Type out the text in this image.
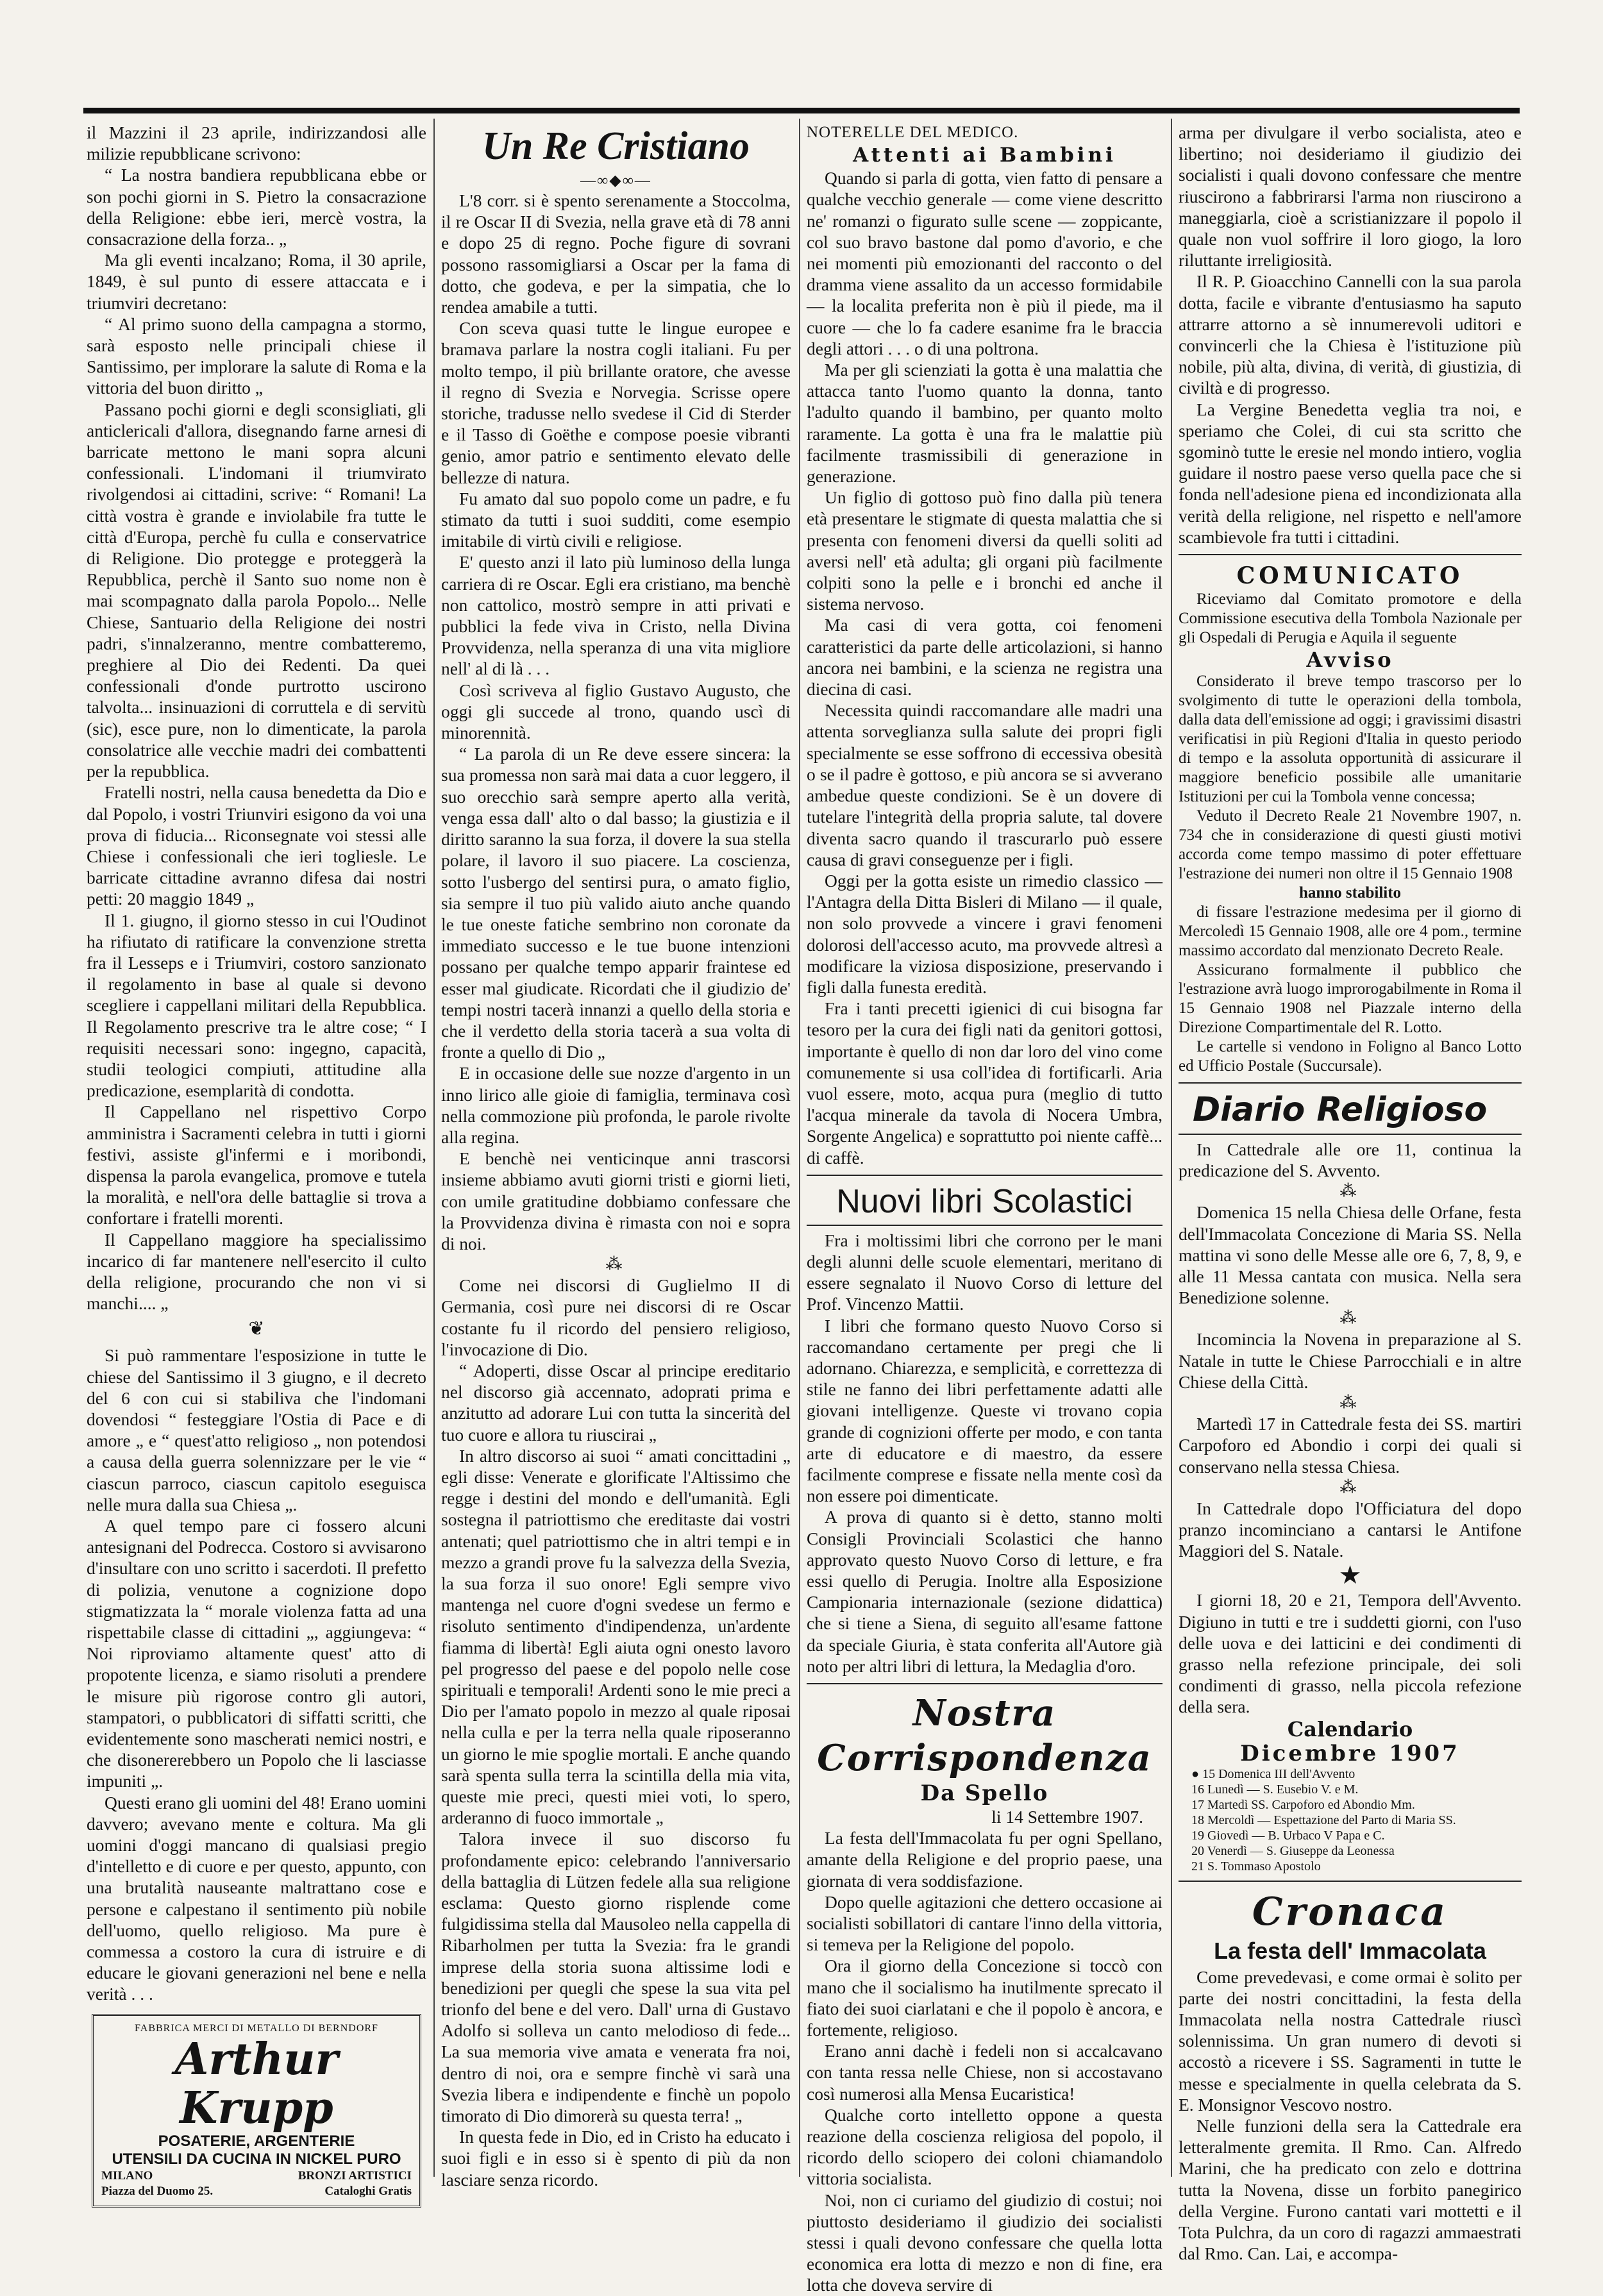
il Mazzini il 23 aprile, indirizzandosi alle milizie repubblicane scrivono:

“ La nostra bandiera repubblicana ebbe or son pochi giorni in S. Pietro la consacrazione della Religione: ebbe ieri, mercè vostra, la consacrazione della forza.. „

Ma gli eventi incalzano; Roma, il 30 aprile, 1849, è sul punto di essere attaccata e i triumviri decretano:

“ Al primo suono della campagna a stormo, sarà esposto nelle principali chiese il Santissimo, per implorare la salute di Roma e la vittoria del buon diritto „

Passano pochi giorni e degli sconsigliati, gli anticlericali d'allora, disegnando farne arnesi di barricate mettono le mani sopra alcuni confessionali. L'indomani il triumvirato rivolgendosi ai cittadini, scrive: “ Romani! La città vostra è grande e inviolabile fra tutte le città d'Europa, perchè fu culla e conservatrice di Religione. Dio protegge e proteggerà la Repubblica, perchè il Santo suo nome non è mai scompagnato dalla parola Popolo... Nelle Chiese, Santuario della Religione dei nostri padri, s'innalzeranno, mentre combatteremo, preghiere al Dio dei Redenti. Da quei confessionali d'onde purtrotto uscirono talvolta... insinuazioni di corruttela e di servitù (sic), esce pure, non lo dimenticate, la parola consolatrice alle vecchie madri dei combattenti per la repubblica.

Fratelli nostri, nella causa benedetta da Dio e dal Popolo, i vostri Triunviri esigono da voi una prova di fiducia... Riconsegnate voi stessi alle Chiese i confessionali che ieri togliesle. Le barricate cittadine avranno difesa dai nostri petti: 20 maggio 1849 „

Il 1. giugno, il giorno stesso in cui l'Oudinot ha rifiutato di ratificare la convenzione stretta fra il Lesseps e i Triumviri, costoro sanzionato il regolamento in base al quale si devono scegliere i cappellani militari della Repubblica. Il Regolamento prescrive tra le altre cose; “ I requisiti necessari sono: ingegno, capacità, studii teologici compiuti, attitudine alla predicazione, esemplarità di condotta.

Il Cappellano nel rispettivo Corpo amministra i Sacramenti celebra in tutti i giorni festivi, assiste gl'infermi e i moribondi, dispensa la parola evangelica, promove e tutela la moralità, e nell'ora delle battaglie si trova a confortare i fratelli morenti.

Il Cappellano maggiore ha specialissimo incarico di far mantenere nell'esercito il culto della religione, procurando che non vi si manchi.... „

❦

Si può rammentare l'esposizione in tutte le chiese del Santissimo il 3 giugno, e il decreto del 6 con cui si stabiliva che l'indomani dovendosi “ festeggiare l'Ostia di Pace e di amore „ e “ quest'atto religioso „ non potendosi a causa della guerra solennizzare per le vie “ ciascun parroco, ciascun capitolo eseguisca nelle mura dalla sua Chiesa „.

A quel tempo pare ci fossero alcuni antesignani del Podrecca. Costoro si avvisarono d'insultare con uno scritto i sacerdoti. Il prefetto di polizia, venutone a cognizione dopo stigmatizzata la “ morale violenza fatta ad una rispettabile classe di cittadini „, aggiungeva: “ Noi riproviamo altamente quest' atto di propotente licenza, e siamo risoluti a prendere le misure più rigorose contro gli autori, stampatori, o pubblicatori di siffatti scritti, che evidentemente sono mascherati nemici nostri, e che disonererebbero un Popolo che li lasciasse impuniti „.

Questi erano gli uomini del 48! Erano uomini davvero; avevano mente e coltura. Ma gli uomini d'oggi mancano di qualsiasi pregio d'intelletto e di cuore e per questo, appunto, con una brutalità nauseante maltrattano cose e persone e calpestano il sentimento più nobile dell'uomo, quello religioso. Ma pure è commessa a costoro la cura di istruire e di educare le giovani generazioni nel bene e nella verità . . .

FABBRICA MERCI DI METALLO DI BERNDORF
Arthur Krupp
POSATERIE, ARGENTERIE
UTENSILI DA CUCINA IN NICKEL PURO
MILANO	BRONZI ARTISTICI
Piazza del Duomo 25.	Cataloghi Gratis
Un Re Cristiano
—∞◆∞—

L'8 corr. si è spento serenamente a Stoccolma, il re Oscar II di Svezia, nella grave età di 78 anni e dopo 25 di regno. Poche figure di sovrani possono rassomigliarsi a Oscar per la fama di dotto, che godeva, e per la simpatia, che lo rendea amabile a tutti.

Con sceva quasi tutte le lingue europee e bramava parlare la nostra cogli italiani. Fu per molto tempo, il più brillante oratore, che avesse il regno di Svezia e Norvegia. Scrisse opere storiche, tradusse nello svedese il Cid di Sterder e il Tasso di Goëthe e compose poesie vibranti genio, amor patrio e sentimento elevato delle bellezze di natura.

Fu amato dal suo popolo come un padre, e fu stimato da tutti i suoi sudditi, come esempio imitabile di virtù civili e religiose.

E' questo anzi il lato più luminoso della lunga carriera di re Oscar. Egli era cristiano, ma benchè non cattolico, mostrò sempre in atti privati e pubblici la fede viva in Cristo, nella Divina Provvidenza, nella speranza di una vita migliore nell' al di là . . .

Così scriveva al figlio Gustavo Augusto, che oggi gli succede al trono, quando uscì di minorennità.

“ La parola di un Re deve essere sincera: la sua promessa non sarà mai data a cuor leggero, il suo orecchio sarà sempre aperto alla verità, venga essa dall' alto o dal basso; la giustizia e il diritto saranno la sua forza, il dovere la sua stella polare, il lavoro il suo piacere. La coscienza, sotto l'usbergo del sentirsi pura, o amato figlio, sia sempre il tuo più valido aiuto anche quando le tue oneste fatiche sembrino non coronate da immediato successo e le tue buone intenzioni possano per qualche tempo apparir fraintese ed esser mal giudicate. Ricordati che il giudizio de' tempi nostri tacerà innanzi a quello della storia e che il verdetto della storia tacerà a sua volta di fronte a quello di Dio „

E in occasione delle sue nozze d'argento in un inno lirico alle gioie di famiglia, terminava così nella commozione più profonda, le parole rivolte alla regina.

E benchè nei venticinque anni trascorsi insieme abbiamo avuti giorni tristi e giorni lieti, con umile gratitudine dobbiamo confessare che la Provvidenza divina è rimasta con noi e sopra di noi.

⁂

Come nei discorsi di Guglielmo II di Germania, così pure nei discorsi di re Oscar costante fu il ricordo del pensiero religioso, l'invocazione di Dio.

“ Adoperti, disse Oscar al principe ereditario nel discorso già accennato, adoprati prima e anzitutto ad adorare Lui con tutta la sincerità del tuo cuore e allora tu riuscirai „

In altro discorso ai suoi “ amati concittadini „ egli disse: Venerate e glorificate l'Altissimo che regge i destini del mondo e dell'umanità. Egli sostegna il patriottismo che ereditaste dai vostri antenati; quel patriottismo che in altri tempi e in mezzo a grandi prove fu la salvezza della Svezia, la sua forza il suo onore! Egli sempre vivo mantenga nel cuore d'ogni svedese un fermo e risoluto sentimento d'indipendenza, un'ardente fiamma di libertà! Egli aiuta ogni onesto lavoro pel progresso del paese e del popolo nelle cose spirituali e temporali! Ardenti sono le mie preci a Dio per l'amato popolo in mezzo al quale riposai nella culla e per la terra nella quale riposeranno un giorno le mie spoglie mortali. E anche quando sarà spenta sulla terra la scintilla della mia vita, queste mie preci, questi miei voti, lo spero, arderanno di fuoco immortale „

Talora invece il suo discorso fu profondamente epico: celebrando l'anniversario della battaglia di Lützen fedele alla sua religione esclama: Questo giorno risplende come fulgidissima stella dal Mausoleo nella cappella di Ribarholmen per tutta la Svezia: fra le grandi imprese della storia suona altissime lodi e benedizioni per quegli che spese la sua vita pel trionfo del bene e del vero. Dall' urna di Gustavo Adolfo si solleva un canto melodioso di fede... La sua memoria vive amata e venerata fra noi, dentro di noi, ora e sempre finchè vi sarà una Svezia libera e indipendente e finchè un popolo timorato di Dio dimorerà su questa terra! „

In questa fede in Dio, ed in Cristo ha educato i suoi figli e in esso si è spento di più da non lasciare senza ricordo.

NOTERELLE DEL MEDICO.
Attenti ai Bambini

Quando si parla di gotta, vien fatto di pensare a qualche vecchio generale — come viene descritto ne' romanzi o figurato sulle scene — zoppicante, col suo bravo bastone dal pomo d'avorio, e che nei momenti più emozionanti del racconto o del dramma viene assalito da un accesso formidabile — la localita preferita non è più il piede, ma il cuore — che lo fa cadere esanime fra le braccia degli attori . . . o di una poltrona.

Ma per gli scienziati la gotta è una malattia che attacca tanto l'uomo quanto la donna, tanto l'adulto quando il bambino, per quanto molto raramente. La gotta è una fra le malattie più facilmente trasmissibili di generazione in generazione.

Un figlio di gottoso può fino dalla più tenera età presentare le stigmate di questa malattia che si presenta con fenomeni diversi da quelli soliti ad aversi nell' età adulta; gli organi più facilmente colpiti sono la pelle e i bronchi ed anche il sistema nervoso.

Ma casi di vera gotta, coi fenomeni caratteristici da parte delle articolazioni, si hanno ancora nei bambini, e la scienza ne registra una diecina di casi.

Necessita quindi raccomandare alle madri una attenta sorveglianza sulla salute dei propri figli specialmente se esse soffrono di eccessiva obesità o se il padre è gottoso, e più ancora se si avverano ambedue queste condizioni. Se è un dovere di tutelare l'integrità della propria salute, tal dovere diventa sacro quando il trascurarlo può essere causa di gravi conseguenze per i figli.

Oggi per la gotta esiste un rimedio classico — l'Antagra della Ditta Bisleri di Milano — il quale, non solo provvede a vincere i gravi fenomeni dolorosi dell'accesso acuto, ma provvede altresì a modificare la viziosa disposizione, preservando i figli dalla funesta eredità.

Fra i tanti precetti igienici di cui bisogna far tesoro per la cura dei figli nati da genitori gottosi, importante è quello di non dar loro del vino come comunemente si usa coll'idea di fortificarli. Aria vuol essere, moto, acqua pura (meglio di tutto l'acqua minerale da tavola di Nocera Umbra, Sorgente Angelica) e soprattutto poi niente caffè... di caffè.

Nuovi libri Scolastici

Fra i moltissimi libri che corrono per le mani degli alunni delle scuole elementari, meritano di essere segnalato il Nuovo Corso di letture del Prof. Vincenzo Mattii.

I libri che formano questo Nuovo Corso si raccomandano certamente per pregi che li adornano. Chiarezza, e semplicità, e correttezza di stile ne fanno dei libri perfettamente adatti alle giovani intelligenze. Queste vi trovano copia grande di cognizioni offerte per modo, e con tanta arte di educatore e di maestro, da essere facilmente comprese e fissate nella mente così da non essere poi dimenticate.

A prova di quanto si è detto, stanno molti Consigli Provinciali Scolastici che hanno approvato questo Nuovo Corso di letture, e fra essi quello di Perugia. Inoltre alla Esposizione Campionaria internazionale (sezione didattica) che si tiene a Siena, di seguito all'esame fattone da speciale Giuria, è stata conferita all'Autore già noto per altri libri di lettura, la Medaglia d'oro.

Nostra Corrispondenza
Da Spello
li 14 Settembre 1907.

La festa dell'Immacolata fu per ogni Spellano, amante della Religione e del proprio paese, una giornata di vera soddisfazione.

Dopo quelle agitazioni che dettero occasione ai socialisti sobillatori di cantare l'inno della vittoria, si temeva per la Religione del popolo.

Ora il giorno della Concezione si toccò con mano che il socialismo ha inutilmente sprecato il fiato dei suoi ciarlatani e che il popolo è ancora, e fortemente, religioso.

Erano anni dachè i fedeli non si accalcavano con tanta ressa nelle Chiese, non si accostavano così numerosi alla Mensa Eucaristica!

Qualche corto intelletto oppone a questa reazione della coscienza religiosa del popolo, il ricordo dello sciopero dei coloni chiamandolo vittoria socialista.

Noi, non ci curiamo del giudizio di costui; noi piuttosto desideriamo il giudizio dei socialisti stessi i quali devono confessare che quella lotta economica era lotta di mezzo e non di fine, era lotta che doveva servire di

arma per divulgare il verbo socialista, ateo e libertino; noi desideriamo il giudizio dei socialisti i quali dovono confessare che mentre riuscirono a fabbrirarsi l'arma non riuscirono a maneggiarla, cioè a scristianizzare il popolo il quale non vuol soffrire il loro giogo, la loro riluttante irreligiosità.

Il R. P. Gioacchino Cannelli con la sua parola dotta, facile e vibrante d'entusiasmo ha saputo attrarre attorno a sè innumerevoli uditori e convincerli che la Chiesa è l'istituzione più nobile, più alta, divina, di verità, di giustizia, di civiltà e di progresso.

La Vergine Benedetta veglia tra noi, e speriamo che Colei, di cui sta scritto che sgominò tutte le eresie nel mondo intiero, voglia guidare il nostro paese verso quella pace che si fonda nell'adesione piena ed incondizionata alla verità della religione, nel rispetto e nell'amore scambievole fra tutti i cittadini.

COMUNICATO

Riceviamo dal Comitato promotore e della Commissione esecutiva della Tombola Nazionale per gli Ospedali di Perugia e Aquila il seguente

Avviso

Considerato il breve tempo trascorso per lo svolgimento di tutte le operazioni della tombola, dalla data dell'emissione ad oggi; i gravissimi disastri verificatisi in più Regioni d'Italia in questo periodo di tempo e la assoluta opportunità di assicurare il maggiore beneficio possibile alle umanitarie Istituzioni per cui la Tombola venne concessa;

Veduto il Decreto Reale 21 Novembre 1907, n. 734 che in considerazione di questi giusti motivi accorda come tempo massimo di poter effettuare l'estrazione dei numeri non oltre il 15 Gennaio 1908

hanno stabilito

di fissare l'estrazione medesima per il giorno di Mercoledì 15 Gennaio 1908, alle ore 4 pom., termine massimo accordato dal menzionato Decreto Reale.

Assicurano formalmente il pubblico che l'estrazione avrà luogo improrogabilmente in Roma il 15 Gennaio 1908 nel Piazzale interno della Direzione Compartimentale del R. Lotto.

Le cartelle si vendono in Foligno al Banco Lotto ed Ufficio Postale (Succursale).

Diario Religioso

In Cattedrale alle ore 11, continua la predicazione del S. Avvento.

⁂

Domenica 15 nella Chiesa delle Orfane, festa dell'Immacolata Concezione di Maria SS. Nella mattina vi sono delle Messe alle ore 6, 7, 8, 9, e alle 11 Messa cantata con musica. Nella sera Benedizione solenne.

⁂

Incomincia la Novena in preparazione al S. Natale in tutte le Chiese Parrocchiali e in altre Chiese della Città.

⁂

Martedì 17 in Cattedrale festa dei SS. martiri Carpoforo ed Abondio i corpi dei quali si conservano nella stessa Chiesa.

⁂

In Cattedrale dopo l'Officiatura del dopo pranzo incominciano a cantarsi le Antifone Maggiori del S. Natale.

★

I giorni 18, 20 e 21, Tempora dell'Avvento. Digiuno in tutti e tre i suddetti giorni, con l'uso delle uova e dei latticini e dei condimenti di grasso nella refezione principale, dei soli condimenti di grasso, nella piccola refezione della sera.

Calendario
Dicembre 1907
● 15 Domenica III dell'Avvento
16 Lunedì — S. Eusebio V. e M.
17 Martedì SS. Carpoforo ed Abondio Mm.
18 Mercoldì — Espettazione del Parto di Maria SS.
19 Giovedì — B. Urbaco V Papa e C.
20 Venerdì — S. Giuseppe da Leonessa
21 S. Tommaso Apostolo
Cronaca
La festa dell' Immacolata

Come prevedevasi, e come ormai è solito per parte dei nostri concittadini, la festa della Immacolata nella nostra Cattedrale riuscì solennissima. Un gran numero di devoti si accostò a ricevere i SS. Sagramenti in tutte le messe e specialmente in quella celebrata da S. E. Monsignor Vescovo nostro.

Nelle funzioni della sera la Cattedrale era letteralmente gremita. Il Rmo. Can. Alfredo Marini, che ha predicato con zelo e dottrina tutta la Novena, disse un forbito panegirico della Vergine. Furono cantati vari mottetti e il Tota Pulchra, da un coro di ragazzi ammaestrati dal Rmo. Can. Lai, e accompa-
